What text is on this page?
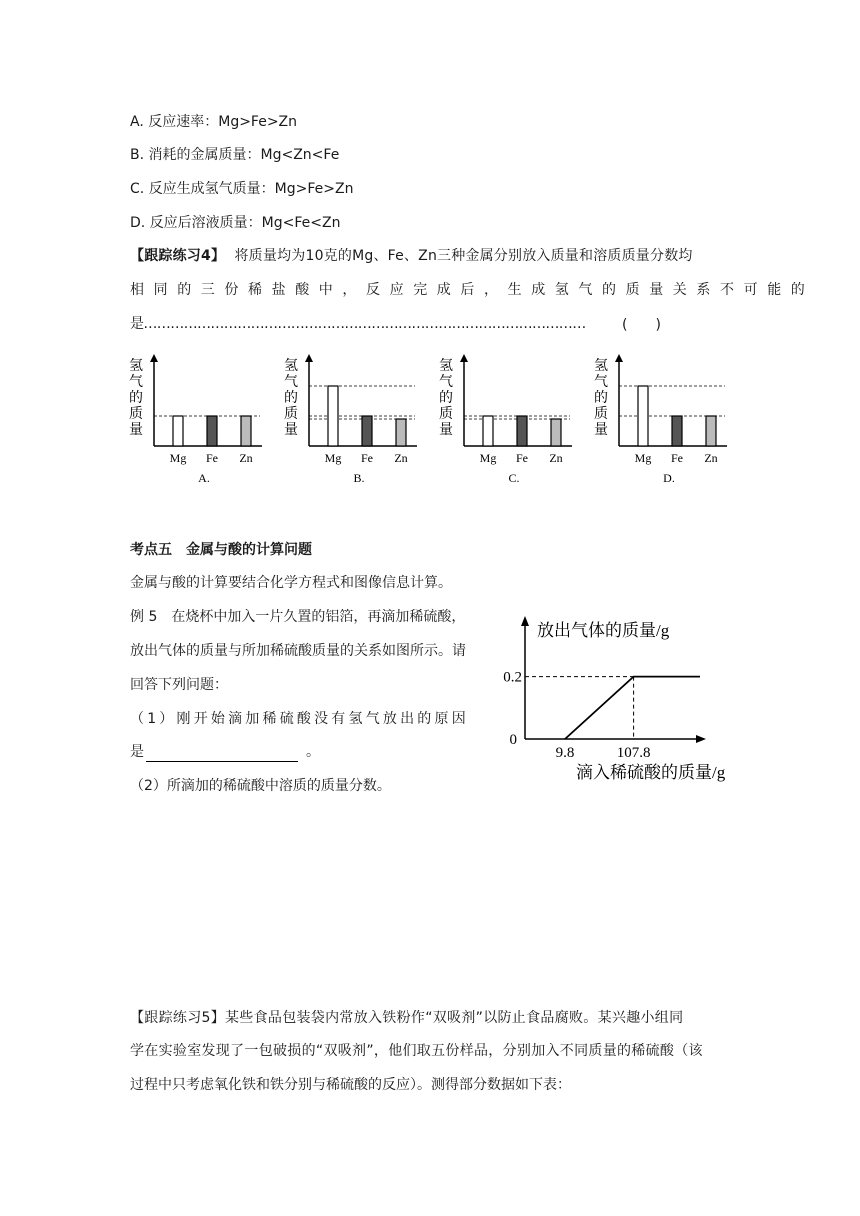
A. 反应速率：Mg>Fe>Zn
B. 消耗的金属质量：Mg<Zn<Fe
C. 反应生成氢气质量：Mg>Fe>Zn
D. 反应后溶液质量：Mg<Fe<Zn
【跟踪练习4】 将质量均为10克的Mg、Fe、Zn三种金属分别放入质量和溶质质量分数均
相同的三份稀盐酸中，反应完成后，生成氢气的质量关系不可能的
是………………………………………………………………………………………	(　　)
氢
气
的
质
量
Mg Fe Zn
A.
氢
气
的
质
量
Mg Fe Zn
B.
氢
气
的
质
量
Mg Fe Zn
C.
氢
气
的
质
量
Mg Fe Zn
D.
考点五　金属与酸的计算问题
金属与酸的计算要结合化学方程式和图像信息计算。
例 5　在烧杯中加入一片久置的铝箔，再滴加稀硫酸，
放出气体的质量与所加稀硫酸质量的关系如图所示。请
回答下列问题：
（1）刚开始滴加稀硫酸没有氢气放出的原因
是	。
（2）所滴加的稀硫酸中溶质的质量分数。
放出气体的质量/g
滴入稀硫酸的质量/g
0
0.2
9.8	107.8
【跟踪练习5】某些食品包装袋内常放入铁粉作“双吸剂”以防止食品腐败。某兴趣小组同
学在实验室发现了一包破损的“双吸剂”，他们取五份样品，分别加入不同质量的稀硫酸（该
过程中只考虑氧化铁和铁分别与稀硫酸的反应）。测得部分数据如下表：
